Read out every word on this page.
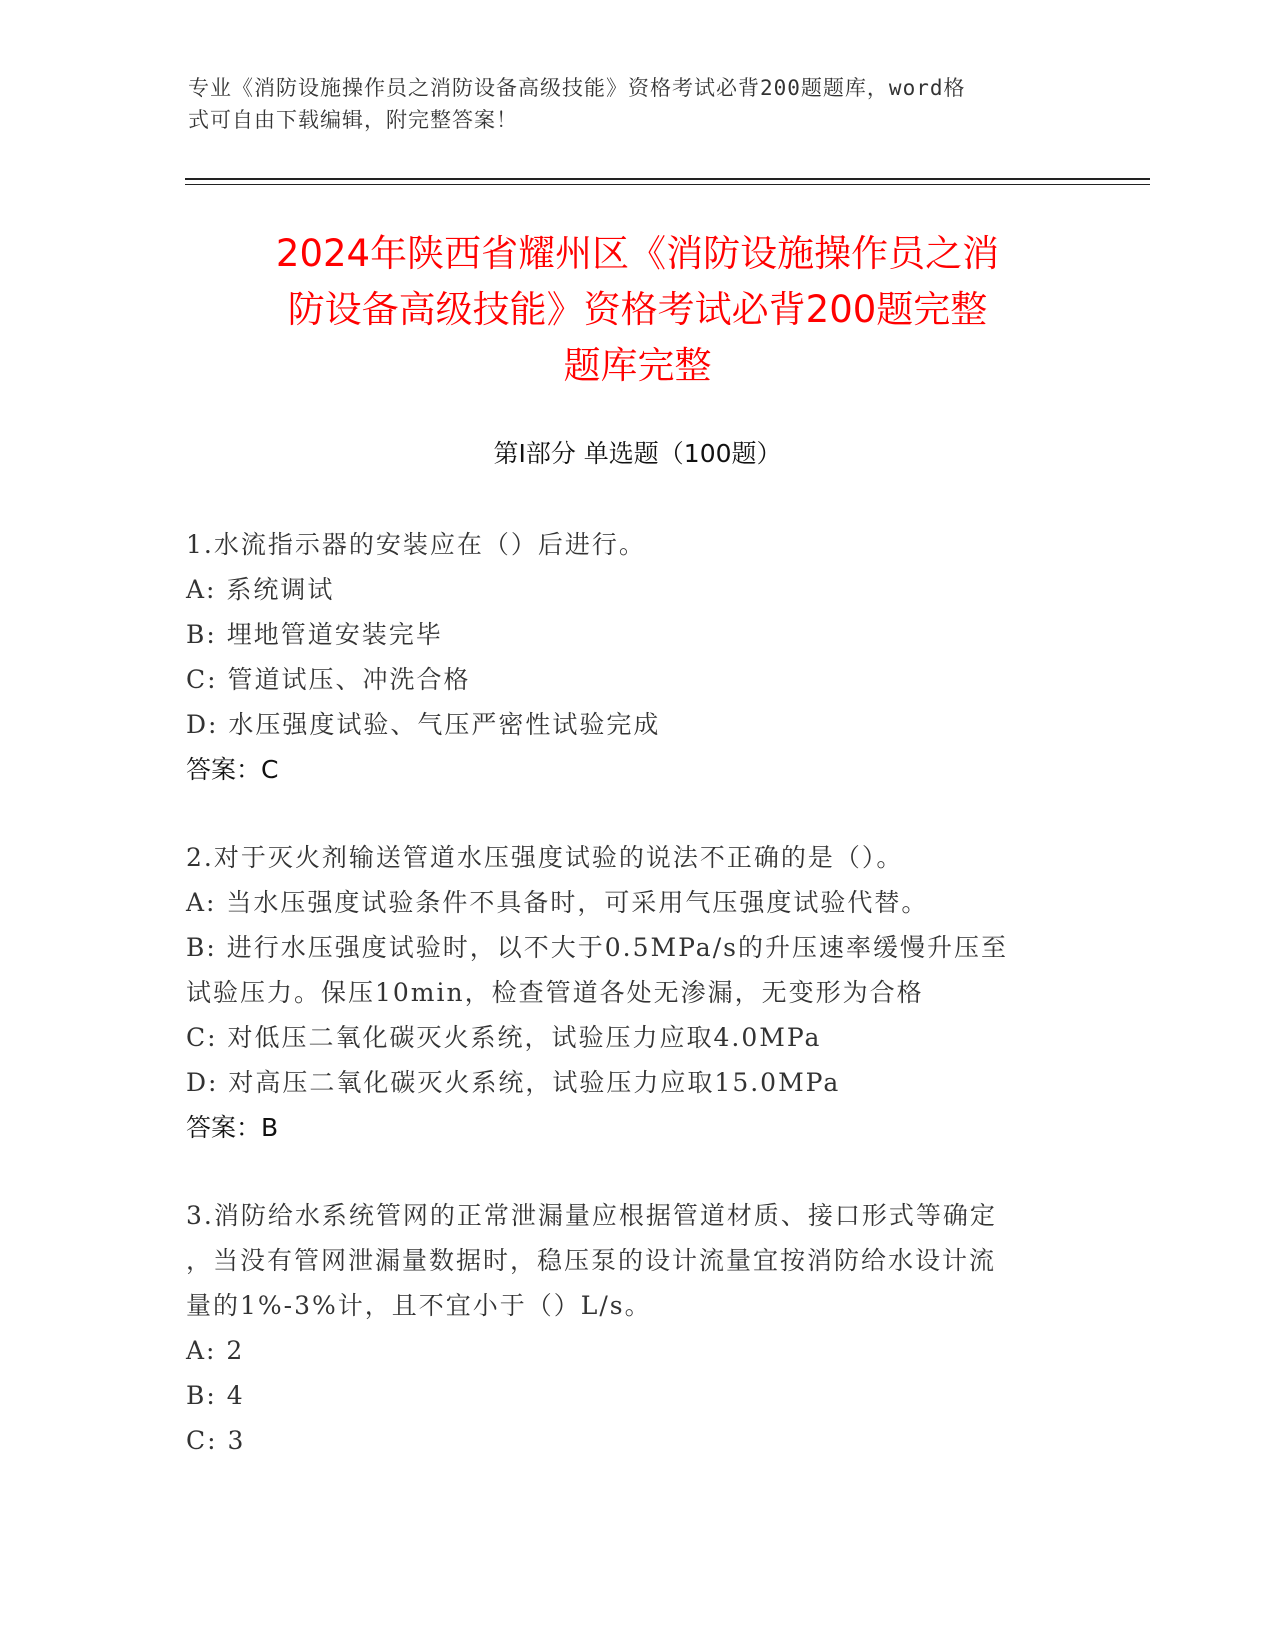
专业《消防设施操作员之消防设备高级技能》资格考试必背200题题库，word格
式可自由下载编辑，附完整答案！
2024年陕西省耀州区《消防设施操作员之消
防设备高级技能》资格考试必背200题完整
题库完整
第Ⅰ部分 单选题（100题）
1.水流指示器的安装应在（）后进行。
A: 系统调试
B: 埋地管道安装完毕
C: 管道试压、冲洗合格
D: 水压强度试验、气压严密性试验完成
答案：C
2.对于灭火剂输送管道水压强度试验的说法不正确的是（）。
A: 当水压强度试验条件不具备时，可采用气压强度试验代替。
B: 进行水压强度试验时，以不大于0.5MPa/s的升压速率缓慢升压至
试验压力。保压10min，检查管道各处无渗漏，无变形为合格
C: 对低压二氧化碳灭火系统，试验压力应取4.0MPa
D: 对高压二氧化碳灭火系统，试验压力应取15.0MPa
答案：B
3.消防给水系统管网的正常泄漏量应根据管道材质、接口形式等确定
，当没有管网泄漏量数据时，稳压泵的设计流量宜按消防给水设计流
量的1%-3%计，且不宜小于（）L/s。
A: 2
B: 4
C: 3
